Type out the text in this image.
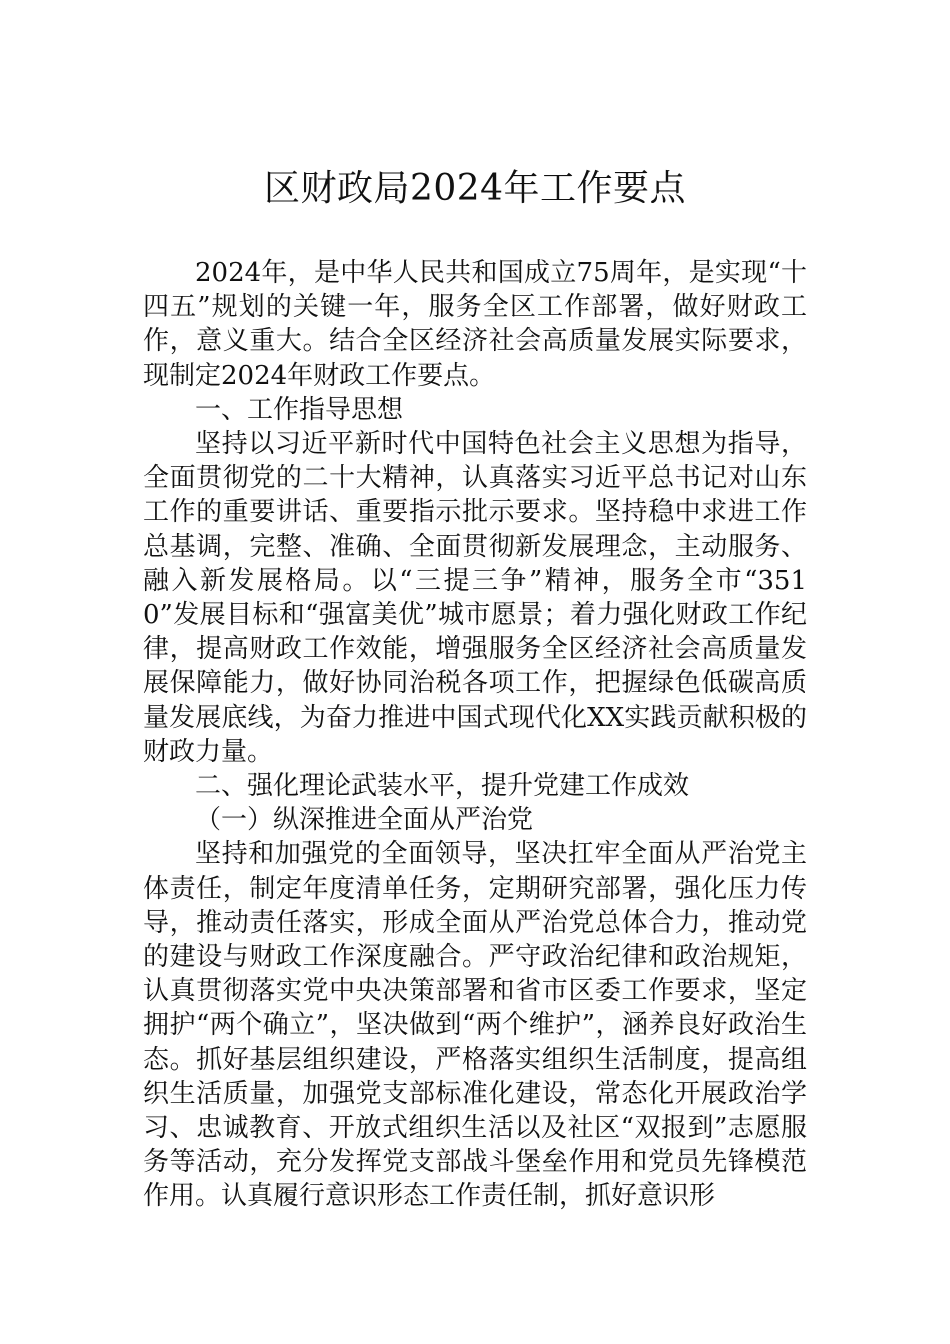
区财政局2024年工作要点

2024年，是中华人民共和国成立75周年，是实现“十四五”规划的关键一年，服务全区工作部署，做好财政工作，意义重大。结合全区经济社会高质量发展实际要求，现制定2024年财政工作要点。

一、工作指导思想

坚持以习近平新时代中国特色社会主义思想为指导，全面贯彻党的二十大精神，认真落实习近平总书记对山东工作的重要讲话、重要指示批示要求。坚持稳中求进工作总基调，完整、准确、全面贯彻新发展理念，主动服务、融入新发展格局。以“三提三争”精神，服务全市“3510”发展目标和“强富美优”城市愿景；着力强化财政工作纪律，提高财政工作效能，增强服务全区经济社会高质量发展保障能力，做好协同治税各项工作，把握绿色低碳高质量发展底线，为奋力推进中国式现代化XX实践贡献积极的财政力量。

二、强化理论武装水平，提升党建工作成效

（一）纵深推进全面从严治党

坚持和加强党的全面领导，坚决扛牢全面从严治党主体责任，制定年度清单任务，定期研究部署，强化压力传导，推动责任落实，形成全面从严治党总体合力，推动党的建设与财政工作深度融合。严守政治纪律和政治规矩，认真贯彻落实党中央决策部署和省市区委工作要求，坚定拥护“两个确立”，坚决做到“两个维护”，涵养良好政治生态。抓好基层组织建设，严格落实组织生活制度，提高组织生活质量，加强党支部标准化建设，常态化开展政治学习、忠诚教育、开放式组织生活以及社区“双报到”志愿服务等活动，充分发挥党支部战斗堡垒作用和党员先锋模范作用。认真履行意识形态工作责任制，抓好意识形
